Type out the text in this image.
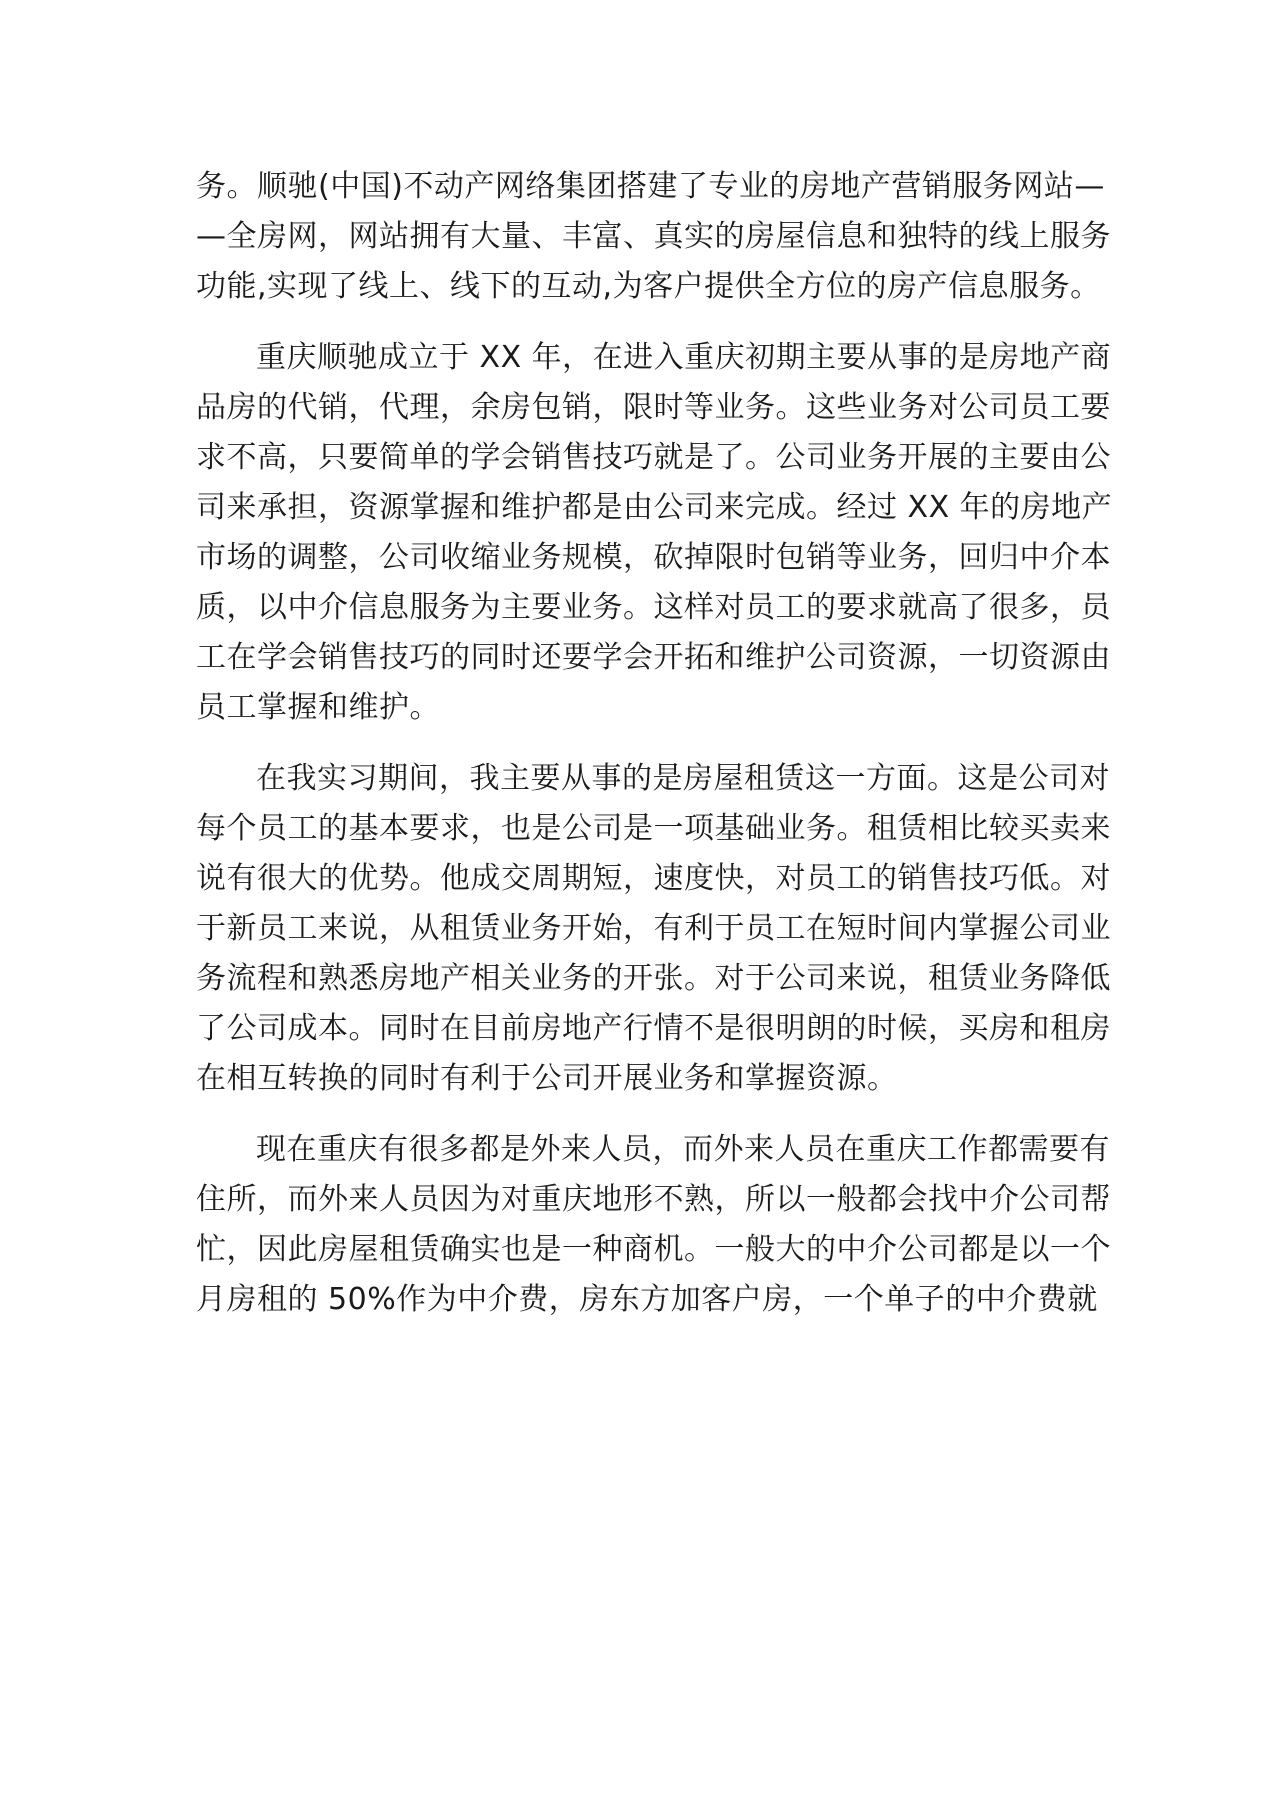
务。顺驰(中国)不动产网络集团搭建了专业的房地产营销服务网站—
—全房网，网站拥有大量、丰富、真实的房屋信息和独特的线上服务
功能,实现了线上、线下的互动,为客户提供全方位的房产信息服务。
重庆顺驰成立于 XX 年，在进入重庆初期主要从事的是房地产商
品房的代销，代理，余房包销，限时等业务。这些业务对公司员工要
求不高，只要简单的学会销售技巧就是了。公司业务开展的主要由公
司来承担，资源掌握和维护都是由公司来完成。经过 XX 年的房地产
市场的调整，公司收缩业务规模，砍掉限时包销等业务，回归中介本
质，以中介信息服务为主要业务。这样对员工的要求就高了很多，员
工在学会销售技巧的同时还要学会开拓和维护公司资源，一切资源由
员工掌握和维护。
在我实习期间，我主要从事的是房屋租赁这一方面。这是公司对
每个员工的基本要求，也是公司是一项基础业务。租赁相比较买卖来
说有很大的优势。他成交周期短，速度快，对员工的销售技巧低。对
于新员工来说，从租赁业务开始，有利于员工在短时间内掌握公司业
务流程和熟悉房地产相关业务的开张。对于公司来说，租赁业务降低
了公司成本。同时在目前房地产行情不是很明朗的时候，买房和租房
在相互转换的同时有利于公司开展业务和掌握资源。
现在重庆有很多都是外来人员，而外来人员在重庆工作都需要有
住所，而外来人员因为对重庆地形不熟，所以一般都会找中介公司帮
忙，因此房屋租赁确实也是一种商机。一般大的中介公司都是以一个
月房租的 50%作为中介费，房东方加客户房，一个单子的中介费就
